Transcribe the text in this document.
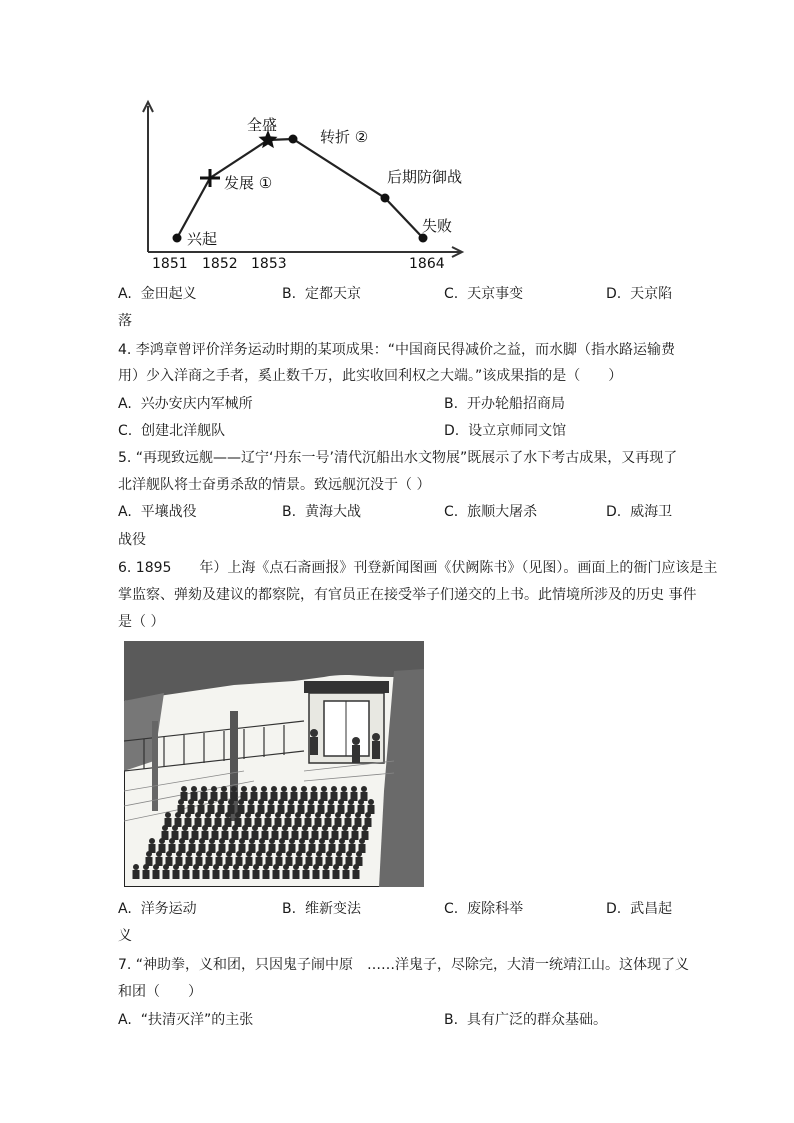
兴起
发展 ①
全盛
转折 ②
后期防御战
失败
1851 1852 1853	1864
A. 金田起义	B. 定都天京	C. 天京事变	D. 天京陷
落
4. 李鸿章曾评价洋务运动时期的某项成果：“中国商民得减价之益，而水脚（指水路运输费
用）少入洋商之手者，奚止数千万，此实收回利权之大端。”该成果指的是（　　）
A. 兴办安庆内军械所	B. 开办轮船招商局
C. 创建北洋舰队	D. 设立京师同文馆
5. “再现致远舰——辽宁‘丹东一号’清代沉船出水文物展”既展示了水下考古成果，又再现了
北洋舰队将士奋勇杀敌的情景。致远舰沉没于（ ）
A. 平壤战役	B. 黄海大战	C. 旅顺大屠杀	D. 威海卫
战役
6. 1895　　年）上海《点石斋画报》刊登新闻图画《伏阙陈书》（见图）。画面上的衙门应该是主
掌监察、弹劾及建议的都察院，有官员正在接受举子们递交的上书。此情境所涉及的历史 事件
是（ ）
A. 洋务运动	B. 维新变法	C. 废除科举	D. 武昌起
义
7. “神助拳，义和团，只因鬼子闹中原　……洋鬼子，尽除完，大清一统靖江山。这体现了义
和团（　　）
A. “扶清灭洋”的主张	B. 具有广泛的群众基础。
